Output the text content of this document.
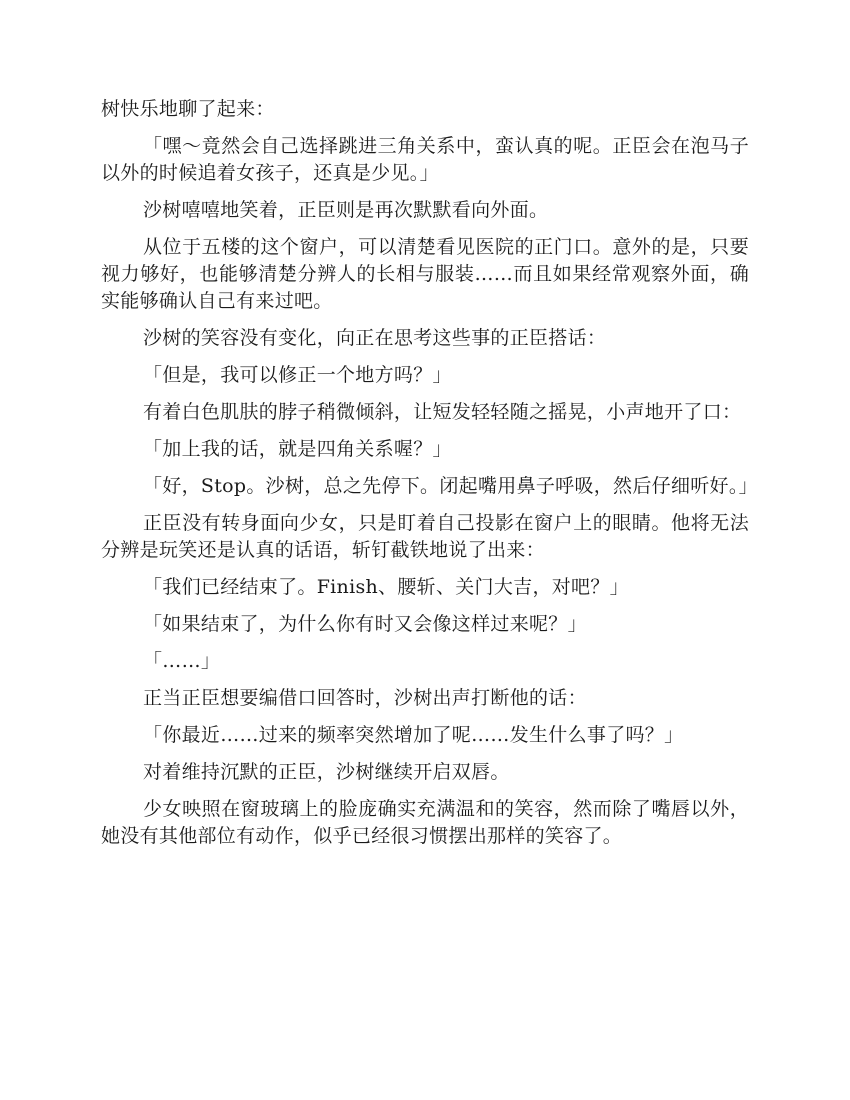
树快乐地聊了起来：

「嘿～竟然会自己选择跳进三角关系中，蛮认真的呢。正臣会在泡马子以外的时候追着女孩子，还真是少见。」

沙树嘻嘻地笑着，正臣则是再次默默看向外面。

从位于五楼的这个窗户，可以清楚看见医院的正门口。意外的是，只要视力够好，也能够清楚分辨人的长相与服装……而且如果经常观察外面，确实能够确认自己有来过吧。

沙树的笑容没有变化，向正在思考这些事的正臣搭话：

「但是，我可以修正一个地方吗？」

有着白色肌肤的脖子稍微倾斜，让短发轻轻随之摇晃，小声地开了口：

「加上我的话，就是四角关系喔？」

「好，Stop。沙树，总之先停下。闭起嘴用鼻子呼吸，然后仔细听好。」

正臣没有转身面向少女，只是盯着自己投影在窗户上的眼睛。他将无法分辨是玩笑还是认真的话语，斩钉截铁地说了出来：

「我们已经结束了。Finish、腰斩、关门大吉，对吧？」

「如果结束了，为什么你有时又会像这样过来呢？」

「……」

正当正臣想要编借口回答时，沙树出声打断他的话：

「你最近……过来的频率突然增加了呢……发生什么事了吗？」

对着维持沉默的正臣，沙树继续开启双唇。

少女映照在窗玻璃上的脸庞确实充满温和的笑容，然而除了嘴唇以外，她没有其他部位有动作，似乎已经很习惯摆出那样的笑容了。
